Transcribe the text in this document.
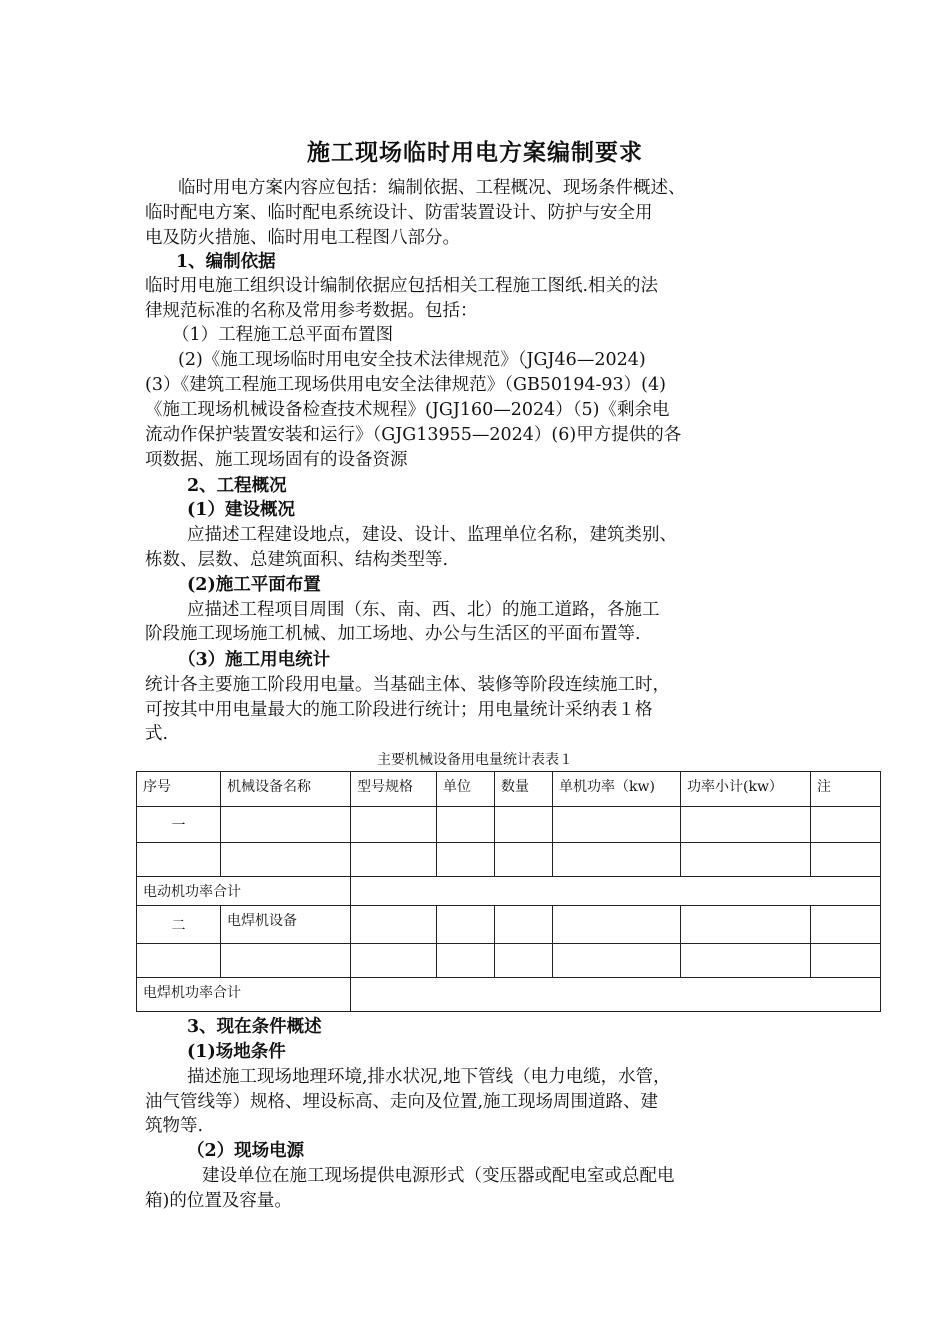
施工现场临时用电方案编制要求
临时用电方案内容应包括：编制依据、工程概况、现场条件概述、
临时配电方案、临时配电系统设计、防雷装置设计、防护与安全用
电及防火措施、临时用电工程图八部分。
1、编制依据
临时用电施工组织设计编制依据应包括相关工程施工图纸.相关的法
律规范标准的名称及常用参考数据。包括：
（1）工程施工总平面布置图
(2)《施工现场临时用电安全技术法律规范》（JGJ46—2024)
(3）《建筑工程施工现场供用电安全法律规范》（GB50194-93）(4)
《施工现场机械设备检查技术规程》(JGJ160—2024）（5)《剩余电
流动作保护装置安装和运行》（GJG13955—2024）(6)甲方提供的各
项数据、施工现场固有的设备资源
2、工程概况
(1）建设概况
应描述工程建设地点，建设、设计、监理单位名称，建筑类别、
栋数、层数、总建筑面积、结构类型等.
(2)施工平面布置
应描述工程项目周围（东、南、西、北）的施工道路，各施工
阶段施工现场施工机械、加工场地、办公与生活区的平面布置等.
（3）施工用电统计
统计各主要施工阶段用电量。当基础主体、装修等阶段连续施工时，
可按其中用电量最大的施工阶段进行统计；用电量统计采纳表１格
式.
主要机械设备用电量统计表表１
序号	机械设备名称	型号规格	单位	数量	单机功率（kw)	功率小计(kw）	注
一							

电动机功率合计							
二	电焊机设备						

电焊机功率合计							
3、现在条件概述
(1)场地条件
描述施工现场地理环境,排水状况,地下管线（电力电缆，水管，
油气管线等）规格、埋设标高、走向及位置,施工现场周围道路、建
筑物等.
（2）现场电源
建设单位在施工现场提供电源形式（变压器或配电室或总配电
箱)的位置及容量。
